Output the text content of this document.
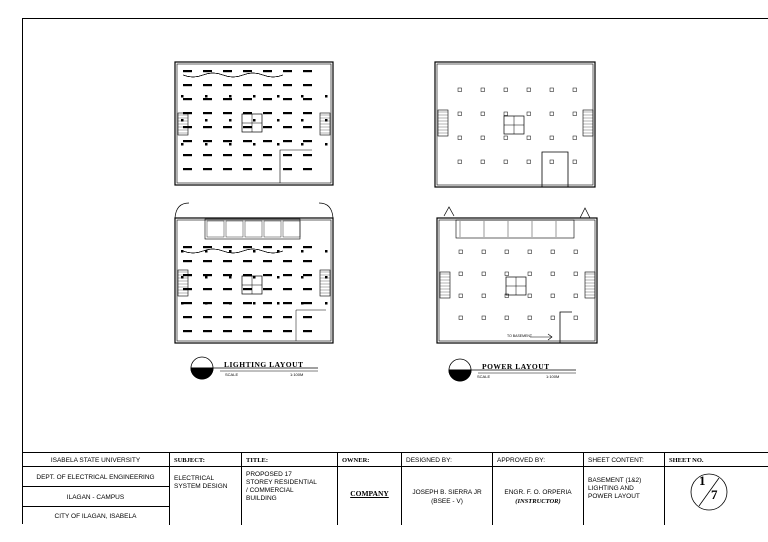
LIGHTING LAYOUT
SCALE	1:100M
POWER LAYOUT
SCALE	1:100M
TO BASEMENT
ISABELA STATE UNIVERSITY
DEPT. OF ELECTRICAL ENGINEERING
ILAGAN - CAMPUS
CITY OF ILAGAN, ISABELA
SUBJECT:
ELECTRICAL SYSTEM DESIGN
TITLE:
PROPOSED 17 STOREY RESIDENTIAL / COMMERCIAL BUILDING
OWNER:
COMPANY
DESIGNED BY:
JOSEPH B. SIERRA JR
(BSEE - V)
APPROVED BY:
ENGR. F. O. ORPERIA
(INSTRUCTOR)
SHEET CONTENT:
BASEMENT (1&2) LIGHTING AND POWER LAYOUT
SHEET NO.
1
7
